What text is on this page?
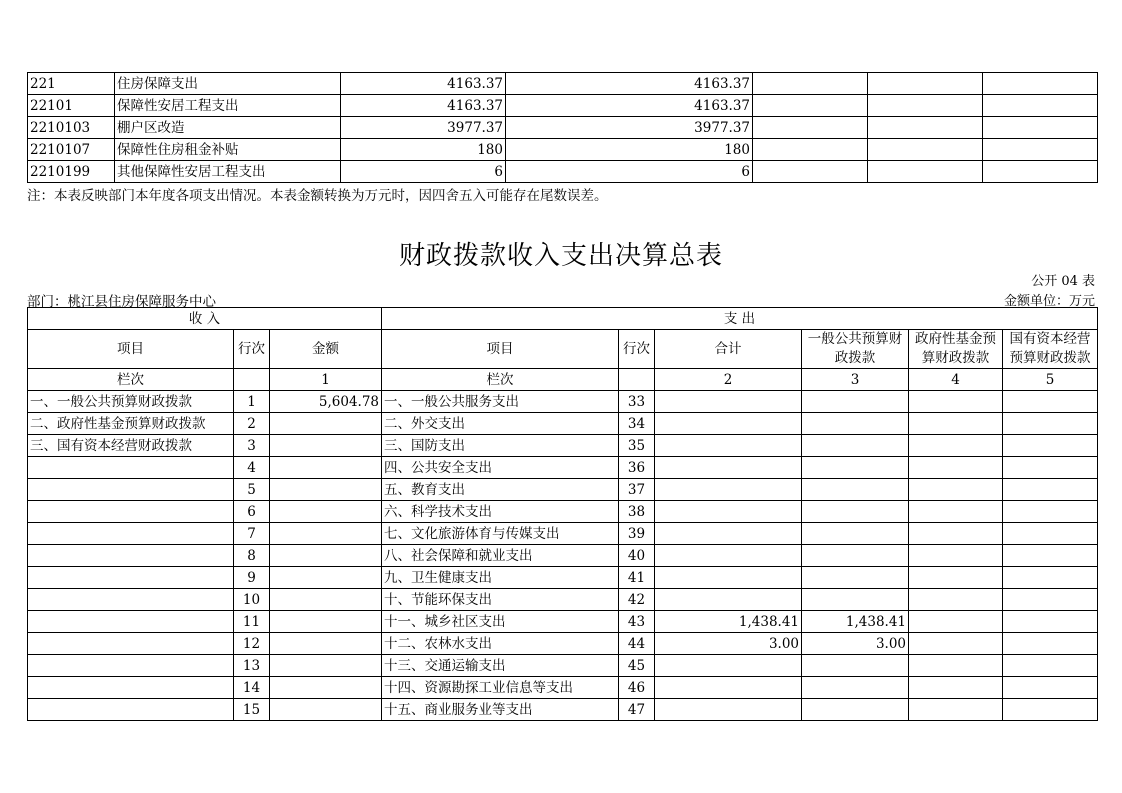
221	住房保障支出	4163.37	4163.37			
22101	保障性安居工程支出	4163.37	4163.37			
2210103	棚户区改造	3977.37	3977.37			
2210107	保障性住房租金补贴	180	180			
2210199	其他保障性安居工程支出	6	6			
注：本表反映部门本年度各项支出情况。本表金额转换为万元时，因四舍五入可能存在尾数误差。
财政拨款收入支出决算总表
公开 04 表
部门：桃江县住房保障服务中心	金额单位：万元
收 入			支 出					
项目	行次	金额	项目	行次	合计	一般公共预算财政拨款	政府性基金预算财政拨款	国有资本经营预算财政拨款
栏次		1	栏次		2	3	4	5
一、一般公共预算财政拨款	1	5,604.78	一、一般公共服务支出	33				
二、政府性基金预算财政拨款	2		二、外交支出	34				
三、国有资本经营财政拨款	3		三、国防支出	35				
	4		四、公共安全支出	36				
	5		五、教育支出	37				
	6		六、科学技术支出	38				
	7		七、文化旅游体育与传媒支出	39				
	8		八、社会保障和就业支出	40				
	9		九、卫生健康支出	41				
	10		十、节能环保支出	42				
	11		十一、城乡社区支出	43	1,438.41	1,438.41		
	12		十二、农林水支出	44	3.00	3.00		
	13		十三、交通运输支出	45				
	14		十四、资源勘探工业信息等支出	46				
	15		十五、商业服务业等支出	47				
